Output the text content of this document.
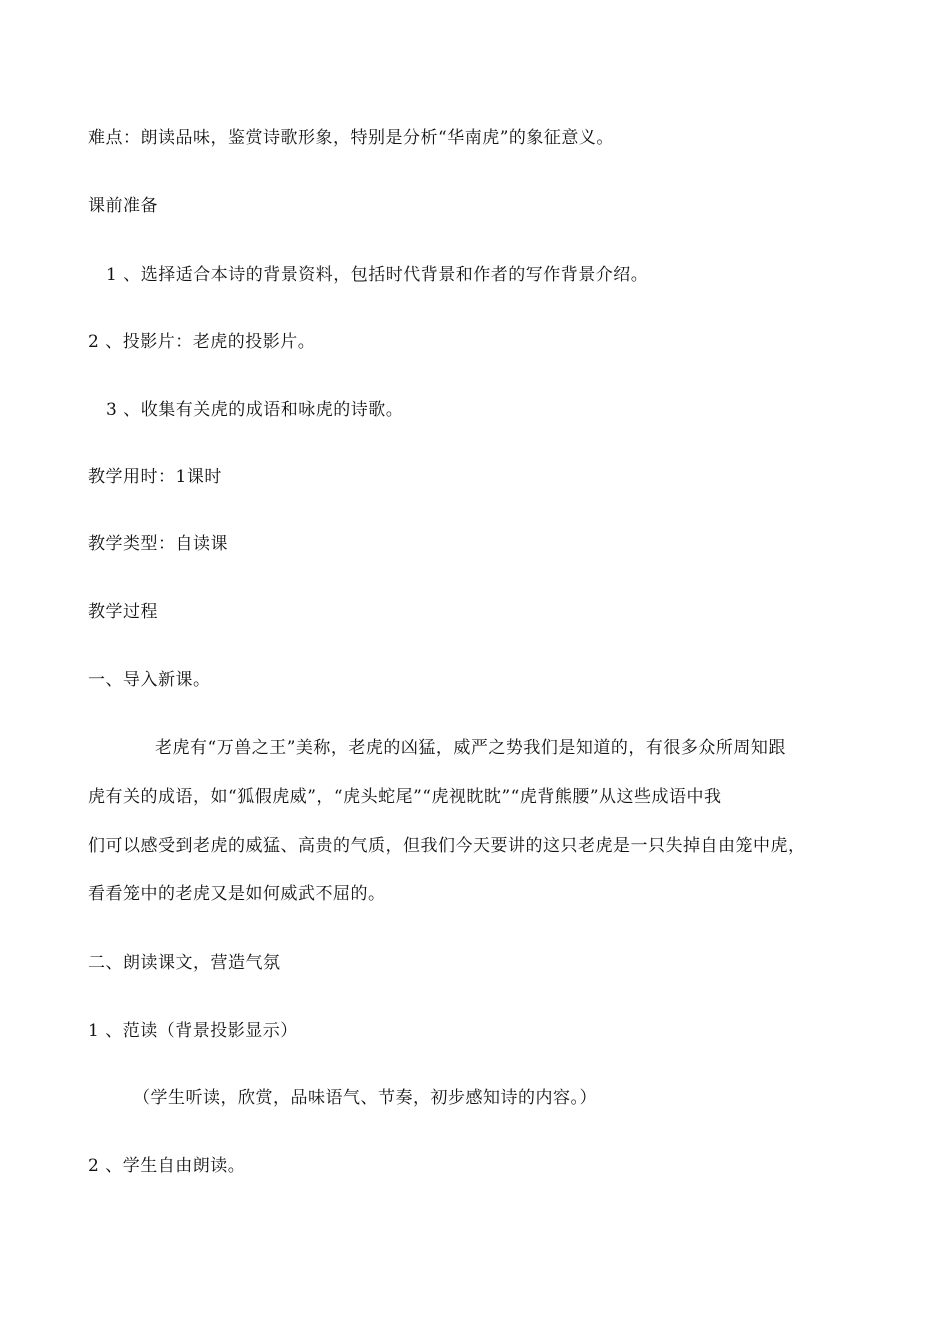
难点：朗读品味，鉴赏诗歌形象，特别是分析“华南虎”的象征意义。
课前准备
1 、选择适合本诗的背景资料，包括时代背景和作者的写作背景介绍。
2 、投影片：老虎的投影片。
3 、收集有关虎的成语和咏虎的诗歌。
教学用时：1课时
教学类型：自读课
教学过程
一、导入新课。
老虎有“万兽之王”美称，老虎的凶猛，威严之势我们是知道的，有很多众所周知跟
虎有关的成语，如“狐假虎威”，“虎头蛇尾”“虎视眈眈”“虎背熊腰”从这些成语中我
们可以感受到老虎的威猛、高贵的气质，但我们今天要讲的这只老虎是一只失掉自由笼中虎，
看看笼中的老虎又是如何威武不屈的。
二、朗读课文，营造气氛
1 、范读（背景投影显示）
（学生听读，欣赏，品味语气、节奏，初步感知诗的内容。）
2 、学生自由朗读。
